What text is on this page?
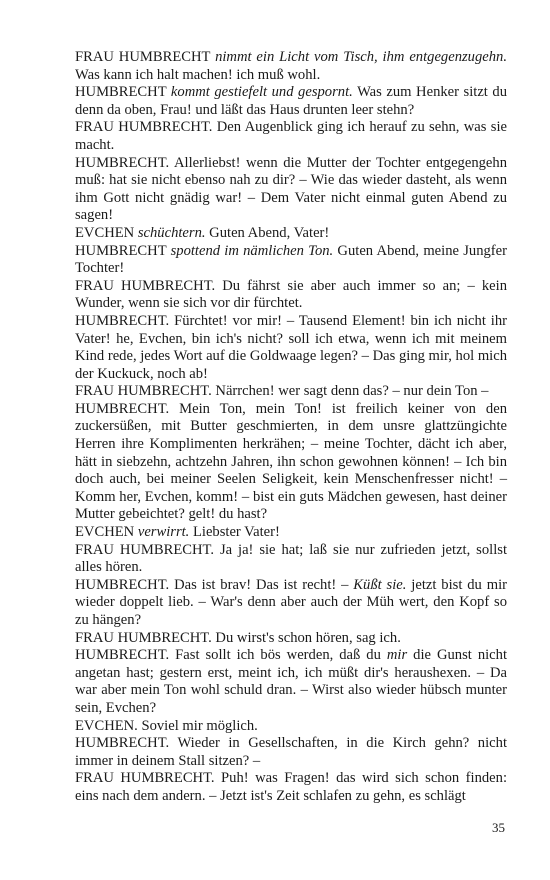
FRAU HUMBRECHT nimmt ein Licht vom Tisch, ihm entgegenzugehn. Was kann ich halt machen! ich muß wohl.

HUMBRECHT kommt gestiefelt und gespornt. Was zum Henker sitzt du denn da oben, Frau! und läßt das Haus drunten leer stehn?

FRAU HUMBRECHT. Den Augenblick ging ich herauf zu sehn, was sie macht.

HUMBRECHT. Allerliebst! wenn die Mutter der Tochter entgegengehn muß: hat sie nicht ebenso nah zu dir? – Wie das wieder dasteht, als wenn ihm Gott nicht gnädig war! – Dem Vater nicht einmal guten Abend zu sagen!

EVCHEN schüchtern. Guten Abend, Vater!

HUMBRECHT spottend im nämlichen Ton. Guten Abend, meine Jungfer Tochter!

FRAU HUMBRECHT. Du fährst sie aber auch immer so an; – kein Wunder, wenn sie sich vor dir fürchtet.

HUMBRECHT. Fürchtet! vor mir! – Tausend Element! bin ich nicht ihr Vater! he, Evchen, bin ich's nicht? soll ich etwa, wenn ich mit meinem Kind rede, jedes Wort auf die Goldwaage legen? – Das ging mir, hol mich der Kuckuck, noch ab!

FRAU HUMBRECHT. Närrchen! wer sagt denn das? – nur dein Ton –

HUMBRECHT. Mein Ton, mein Ton! ist freilich keiner von den zuckersüßen, mit Butter geschmierten, in dem unsre glattzüngichte Herren ihre Komplimenten herkrähen; – meine Tochter, dächt ich aber, hätt in siebzehn, achtzehn Jahren, ihn schon gewohnen können! – Ich bin doch auch, bei meiner Seelen Seligkeit, kein Menschenfresser nicht! – Komm her, Evchen, komm! – bist ein guts Mädchen gewesen, hast deiner Mutter gebeichtet? gelt! du hast?

EVCHEN verwirrt. Liebster Vater!

FRAU HUMBRECHT. Ja ja! sie hat; laß sie nur zufrieden jetzt, sollst alles hören.

HUMBRECHT. Das ist brav! Das ist recht! – Küßt sie. jetzt bist du mir wieder doppelt lieb. – War's denn aber auch der Müh wert, den Kopf so zu hängen?

FRAU HUMBRECHT. Du wirst's schon hören, sag ich.

HUMBRECHT. Fast sollt ich bös werden, daß du mir die Gunst nicht angetan hast; gestern erst, meint ich, ich müßt dir's heraushexen. – Da war aber mein Ton wohl schuld dran. – Wirst also wieder hübsch munter sein, Evchen?

EVCHEN. Soviel mir möglich.

HUMBRECHT. Wieder in Gesellschaften, in die Kirch gehn? nicht immer in deinem Stall sitzen? –

FRAU HUMBRECHT. Puh! was Fragen! das wird sich schon finden: eins nach dem andern. – Jetzt ist's Zeit schlafen zu gehn, es schlägt

35
